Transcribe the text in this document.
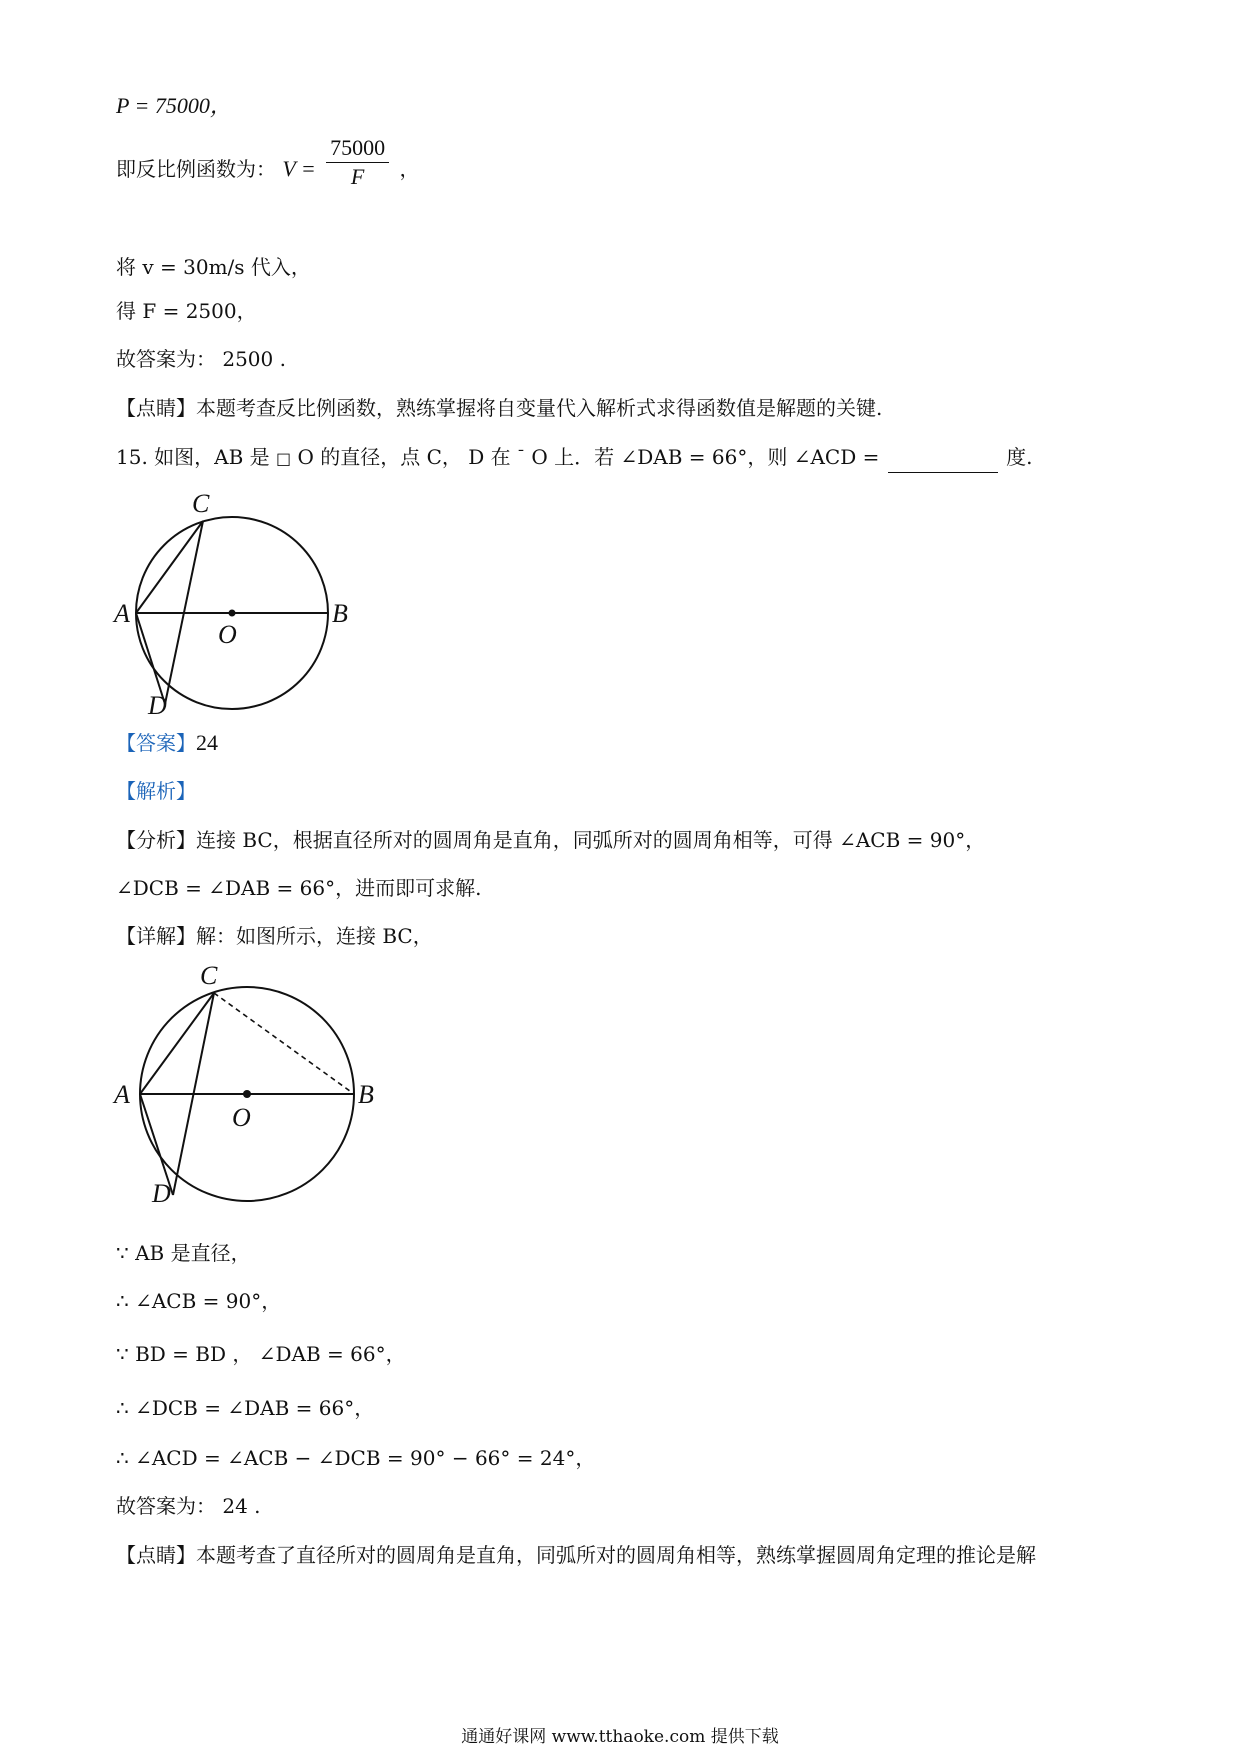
P = 75000，
即反比例函数为： $V = \frac{75000}{F}$ ，
将 v = 30m/s 代入，
得 F = 2500，
故答案为： 2500 .
【点睛】本题考查反比例函数，熟练掌握将自变量代入解析式求得函数值是解题的关键.
15. 如图，AB 是 □ O 的直径，点 C， D 在 ¯ O 上．若 ∠DAB = 66°，则 ∠ACD =	度.
A	B
C
D
O
【答案】24
【解析】
【分析】连接 BC，根据直径所对的圆周角是直角，同弧所对的圆周角相等，可得 ∠ACB = 90°，
∠DCB = ∠DAB = 66°，进而即可求解.
【详解】解：如图所示，连接 BC，
A	B
C
D
O
∵ AB 是直径，
∴ ∠ACB = 90°，
∵ BD = BD ， ∠DAB = 66°，
∴ ∠DCB = ∠DAB = 66°，
∴ ∠ACD = ∠ACB − ∠DCB = 90° − 66° = 24°，
故答案为： 24 .
【点睛】本题考查了直径所对的圆周角是直角，同弧所对的圆周角相等，熟练掌握圆周角定理的推论是解
通通好课网 www.tthaoke.com 提供下载
